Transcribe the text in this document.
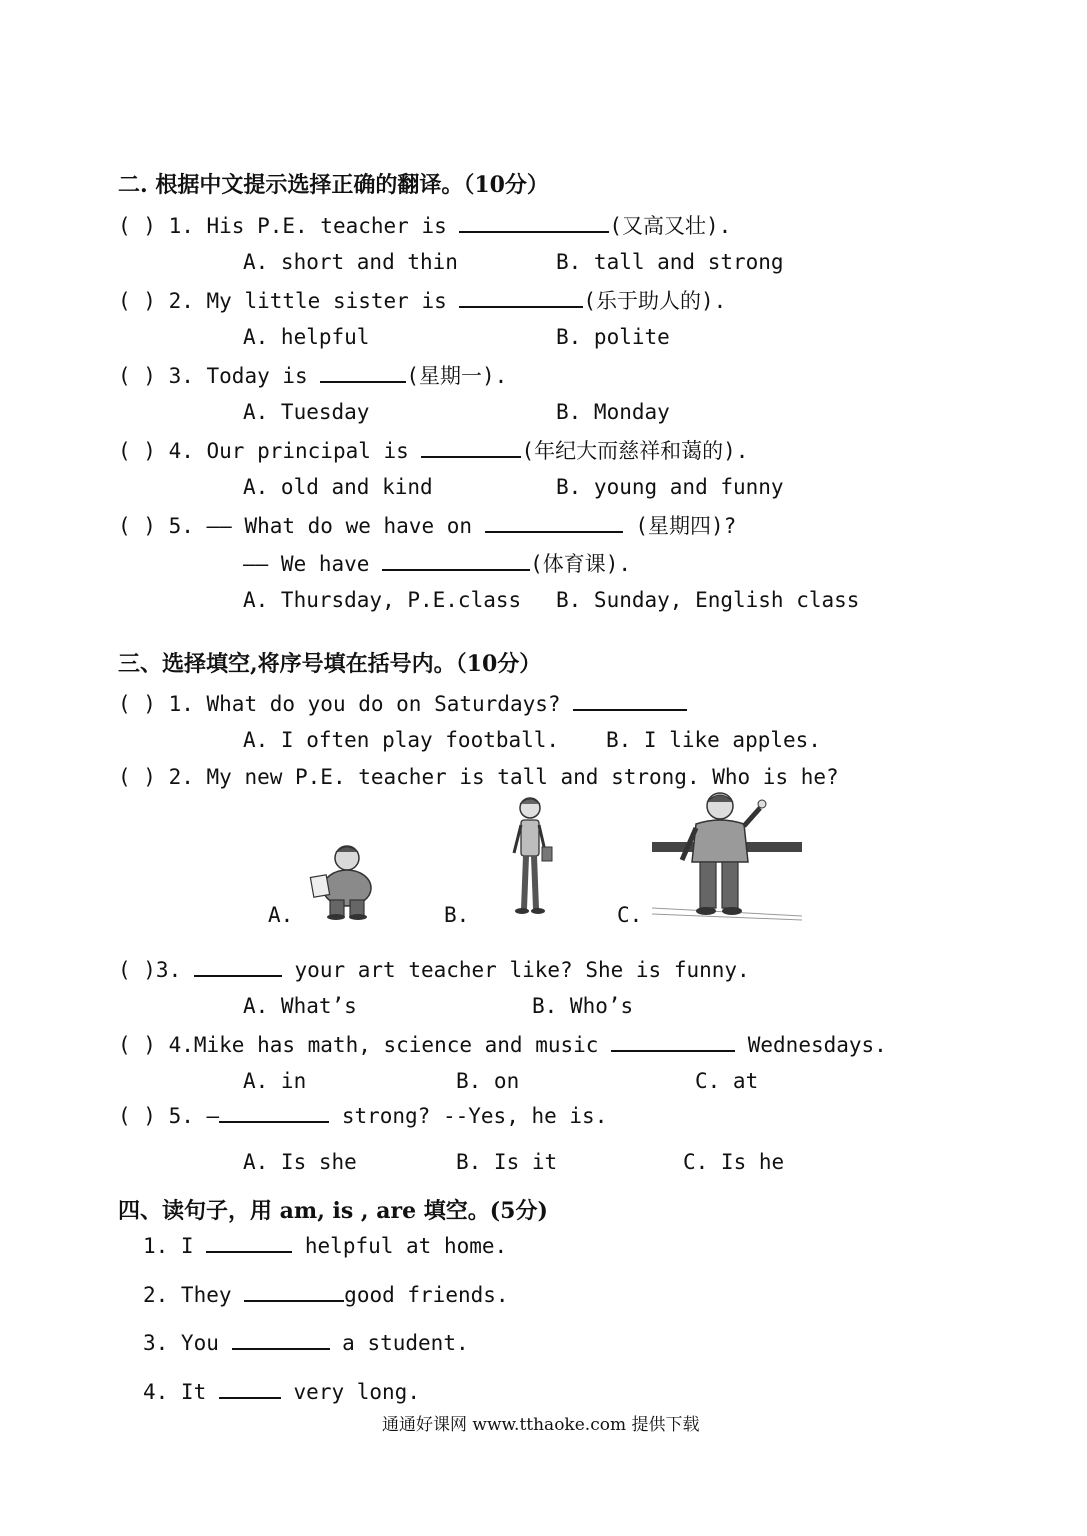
二. 根据中文提示选择正确的翻译。（10分）
( ) 1. His P.E. teacher is	(又高又壮).
A. short and thin	B. tall and strong
( ) 2. My little sister is	(乐于助人的).
A. helpful	B. polite
( ) 3. Today is	(星期一).
A. Tuesday	B. Monday
( ) 4. Our principal is	(年纪大而慈祥和蔼的).
A. old and kind	B. young and funny
( ) 5. —— What do we have on	(星期四)?
—— We have	(体育课).
A. Thursday, P.E.class B. Sunday, English class
三、选择填空,将序号填在括号内。（10分）
( ) 1. What do you do on Saturdays?
A. I often play football. B. I like apples.
( ) 2. My new P.E. teacher is tall and strong. Who is he?
A.	B.	C.
( )3.	your art teacher like? She is funny.
A. What’s	B. Who’s
( ) 4.Mike has math, science and music	Wednesdays.
A. in	B. on	C. at
( ) 5. —	strong? --Yes, he is.
A. Is she	B. Is it	C. Is he
四、读句子，用 am, is , are 填空。(5分)
1. I	helpful at home.
2. They	good friends.
3. You	a student.
4. It	very long.
通通好课网 www.tthaoke.com 提供下载
